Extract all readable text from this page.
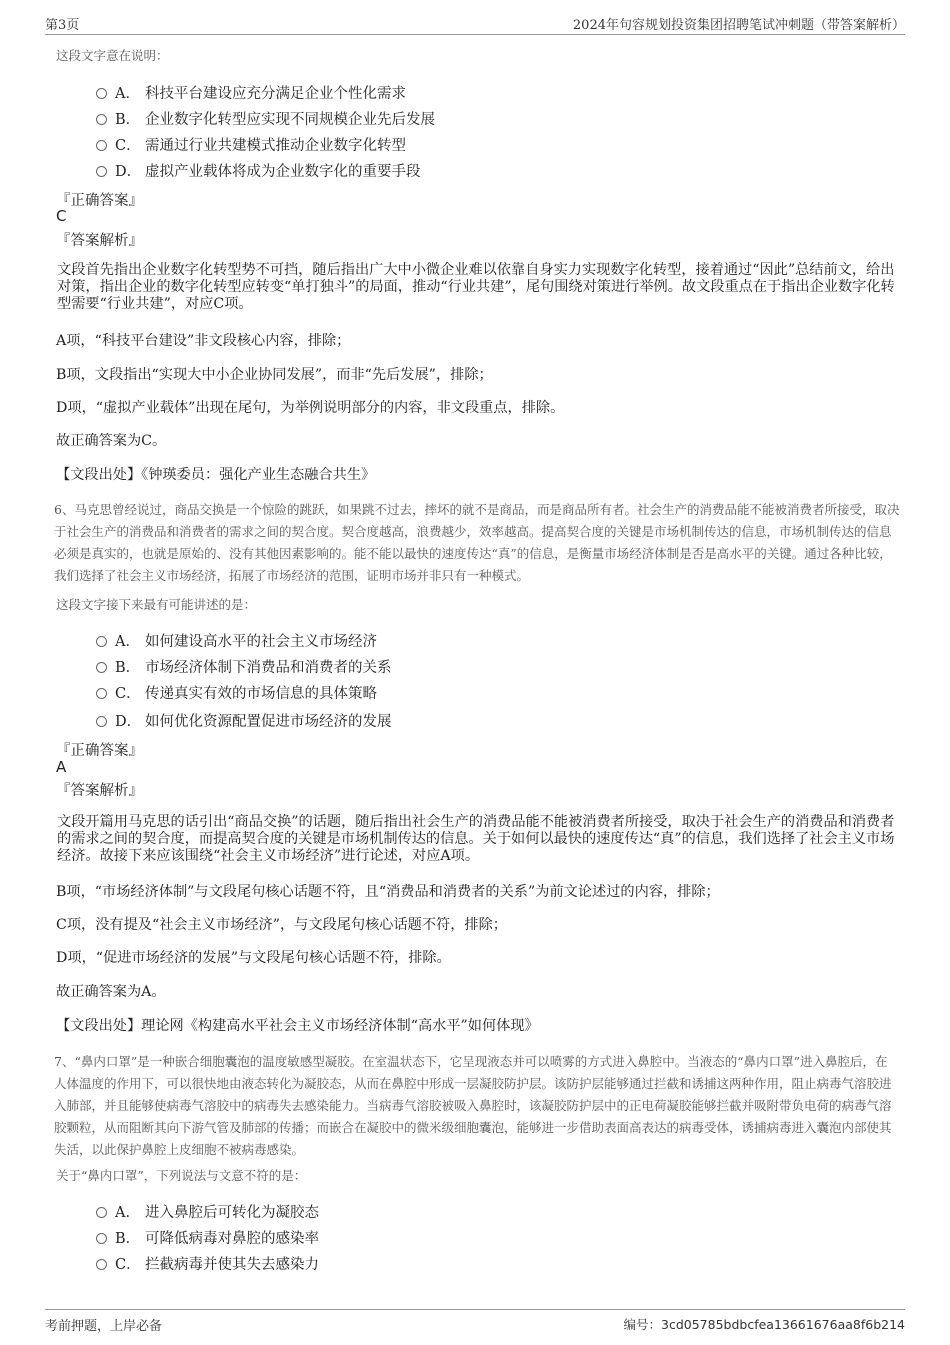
第3页	2024年句容规划投资集团招聘笔试冲刺题（带答案解析）
这段文字意在说明：
A． 科技平台建设应充分满足企业个性化需求
B． 企业数字化转型应实现不同规模企业先后发展
C． 需通过行业共建模式推动企业数字化转型
D． 虚拟产业载体将成为企业数字化的重要手段
『正确答案』
C
『答案解析』
文段首先指出企业数字化转型势不可挡，随后指出广大中小微企业难以依靠自身实力实现数字化转型，接着通过“因此”总结前文，给出对策，指出企业的数字化转型应转变“单打独斗”的局面，推动“行业共建”，尾句围绕对策进行举例。故文段重点在于指出企业数字化转型需要“行业共建”，对应C项。
A项，“科技平台建设”非文段核心内容，排除；
B项，文段指出“实现大中小企业协同发展”，而非“先后发展”，排除；
D项，“虚拟产业载体”出现在尾句，为举例说明部分的内容，非文段重点，排除。
故正确答案为C。
【文段出处】《钟瑛委员：强化产业生态融合共生》
6、马克思曾经说过，商品交换是一个惊险的跳跃，如果跳不过去，摔坏的就不是商品，而是商品所有者。社会生产的消费品能不能被消费者所接受，取决于社会生产的消费品和消费者的需求之间的契合度。契合度越高，浪费越少，效率越高。提高契合度的关键是市场机制传达的信息，市场机制传达的信息必须是真实的，也就是原始的、没有其他因素影响的。能不能以最快的速度传达“真”的信息，是衡量市场经济体制是否是高水平的关键。通过各种比较，我们选择了社会主义市场经济，拓展了市场经济的范围，证明市场并非只有一种模式。
这段文字接下来最有可能讲述的是：
A． 如何建设高水平的社会主义市场经济
B． 市场经济体制下消费品和消费者的关系
C． 传递真实有效的市场信息的具体策略
D． 如何优化资源配置促进市场经济的发展
『正确答案』
A
『答案解析』
文段开篇用马克思的话引出“商品交换”的话题，随后指出社会生产的消费品能不能被消费者所接受，取决于社会生产的消费品和消费者的需求之间的契合度，而提高契合度的关键是市场机制传达的信息。关于如何以最快的速度传达“真”的信息，我们选择了社会主义市场经济。故接下来应该围绕“社会主义市场经济”进行论述，对应A项。
B项，“市场经济体制”与文段尾句核心话题不符，且“消费品和消费者的关系”为前文论述过的内容，排除；
C项，没有提及“社会主义市场经济”，与文段尾句核心话题不符，排除；
D项，“促进市场经济的发展”与文段尾句核心话题不符，排除。
故正确答案为A。
【文段出处】理论网《构建高水平社会主义市场经济体制“高水平”如何体现》
7、“鼻内口罩”是一种嵌合细胞囊泡的温度敏感型凝胶。在室温状态下，它呈现液态并可以喷雾的方式进入鼻腔中。当液态的“鼻内口罩”进入鼻腔后，在人体温度的作用下，可以很快地由液态转化为凝胶态，从而在鼻腔中形成一层凝胶防护层。该防护层能够通过拦截和诱捕这两种作用，阻止病毒气溶胶进入肺部，并且能够使病毒气溶胶中的病毒失去感染能力。当病毒气溶胶被吸入鼻腔时，该凝胶防护层中的正电荷凝胶能够拦截并吸附带负电荷的病毒气溶胶颗粒，从而阻断其向下游气管及肺部的传播；而嵌合在凝胶中的微米级细胞囊泡，能够进一步借助表面高表达的病毒受体，诱捕病毒进入囊泡内部使其失活，以此保护鼻腔上皮细胞不被病毒感染。
关于“鼻内口罩”，下列说法与文意不符的是：
A． 进入鼻腔后可转化为凝胶态
B． 可降低病毒对鼻腔的感染率
C． 拦截病毒并使其失去感染力
考前押题，上岸必备	编号：3cd05785bdbcfea13661676aa8f6b214
